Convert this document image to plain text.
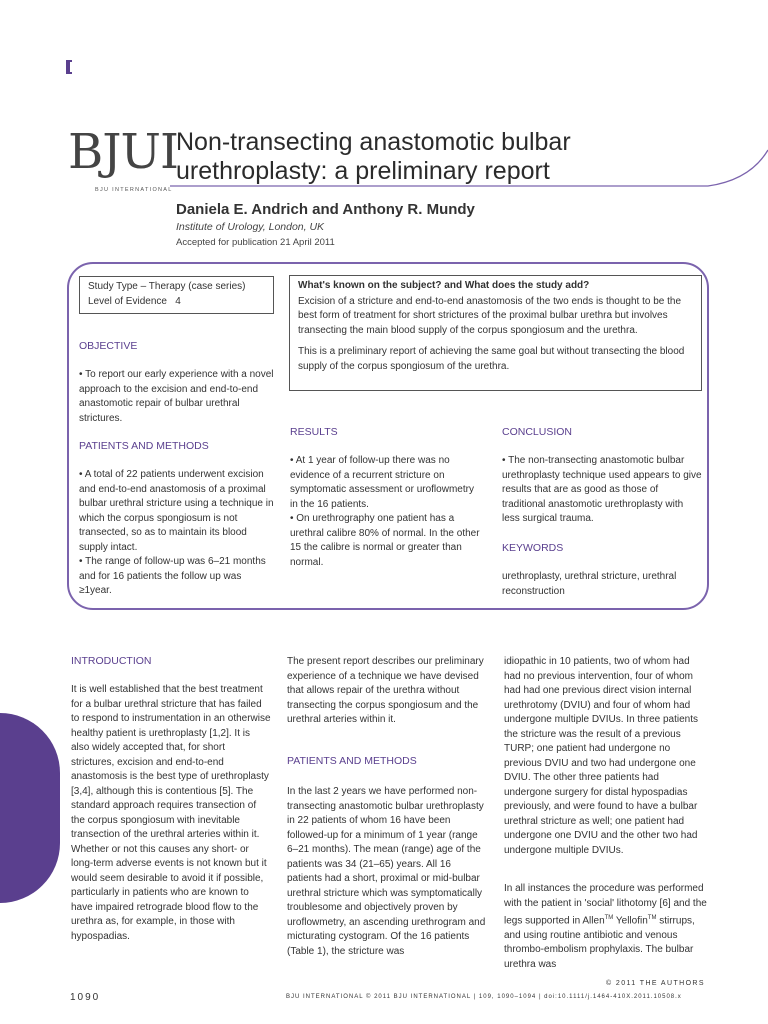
BJUI
BJU INTERNATIONAL
Non-transecting anastomotic bulbar
urethroplasty: a preliminary report
Daniela E. Andrich and Anthony R. Mundy
Institute of Urology, London, UK
Accepted for publication 21 April 2011
Study Type – Therapy (case series)
Level of Evidence   4
What's known on the subject? and What does the study add?

Excision of a stricture and end-to-end anastomosis of the two ends is thought to be the best form of treatment for short strictures of the proximal bulbar urethra but involves transecting the main blood supply of the corpus spongiosum and the urethra.

This is a preliminary report of achieving the same goal but without transecting the blood supply of the corpus spongiosum of the urethra.

OBJECTIVE
• To report our early experience with a novel approach to the excision and end-to-end anastomotic repair of bulbar urethral strictures.
PATIENTS AND METHODS

• A total of 22 patients underwent excision and end-to-end anastomosis of a proximal bulbar urethral stricture using a technique in which the corpus spongiosum is not transected, so as to maintain its blood supply intact.

• The range of follow-up was 6–21 months and for 16 patients the follow up was ≥1year.

RESULTS

• At 1 year of follow-up there was no evidence of a recurrent stricture on symptomatic assessment or uroflowmetry in the 16 patients.

• On urethrography one patient has a urethral calibre 80% of normal. In the other 15 the calibre is normal or greater than normal.

CONCLUSION
• The non-transecting anastomotic bulbar urethroplasty technique used appears to give results that are as good as those of traditional anastomotic urethroplasty with less surgical trauma.
KEYWORDS
urethroplasty, urethral stricture, urethral reconstruction
INTRODUCTION
It is well established that the best treatment for a bulbar urethral stricture that has failed to respond to instrumentation in an otherwise healthy patient is urethroplasty [1,2]. It is also widely accepted that, for short strictures, excision and end-to-end anastomosis is the best type of urethroplasty [3,4], although this is contentious [5]. The standard approach requires transection of the corpus spongiosum with inevitable transection of the urethral arteries within it. Whether or not this causes any short- or long-term adverse events is not known but it would seem desirable to avoid it if possible, particularly in patients who are known to have impaired retrograde blood flow to the urethra as, for example, in those with hypospadias.
The present report describes our preliminary experience of a technique we have devised that allows repair of the urethra without transecting the corpus spongiosum and the urethral arteries within it.
PATIENTS AND METHODS
In the last 2 years we have performed non-transecting anastomotic bulbar urethroplasty in 22 patients of whom 16 have been followed-up for a minimum of 1 year (range 6–21 months). The mean (range) age of the patients was 34 (21–65) years. All 16 patients had a short, proximal or mid-bulbar urethral stricture which was symptomatically troublesome and objectively proven by uroflowmetry, an ascending urethrogram and micturating cystogram. Of the 16 patients (Table 1), the stricture was
idiopathic in 10 patients, two of whom had had no previous intervention, four of whom had had one previous direct vision internal urethrotomy (DVIU) and four of whom had undergone multiple DVIUs. In three patients the stricture was the result of a previous TURP; one patient had undergone no previous DVIU and two had undergone one DVIU. The other three patients had undergone surgery for distal hypospadias previously, and were found to have a bulbar urethral stricture as well; one patient had undergone one DVIU and the other two had undergone multiple DVIUs.
In all instances the procedure was performed with the patient in 'social' lithotomy [6] and the legs supported in Allen™ Yellofin™ stirrups, and using routine antibiotic and venous thrombo-embolism prophylaxis. The bulbar urethra was
© 2011 THE AUTHORS
1090	BJU INTERNATIONAL © 2011 BJU INTERNATIONAL | 109, 1090–1094 | doi:10.1111/j.1464-410X.2011.10508.x
